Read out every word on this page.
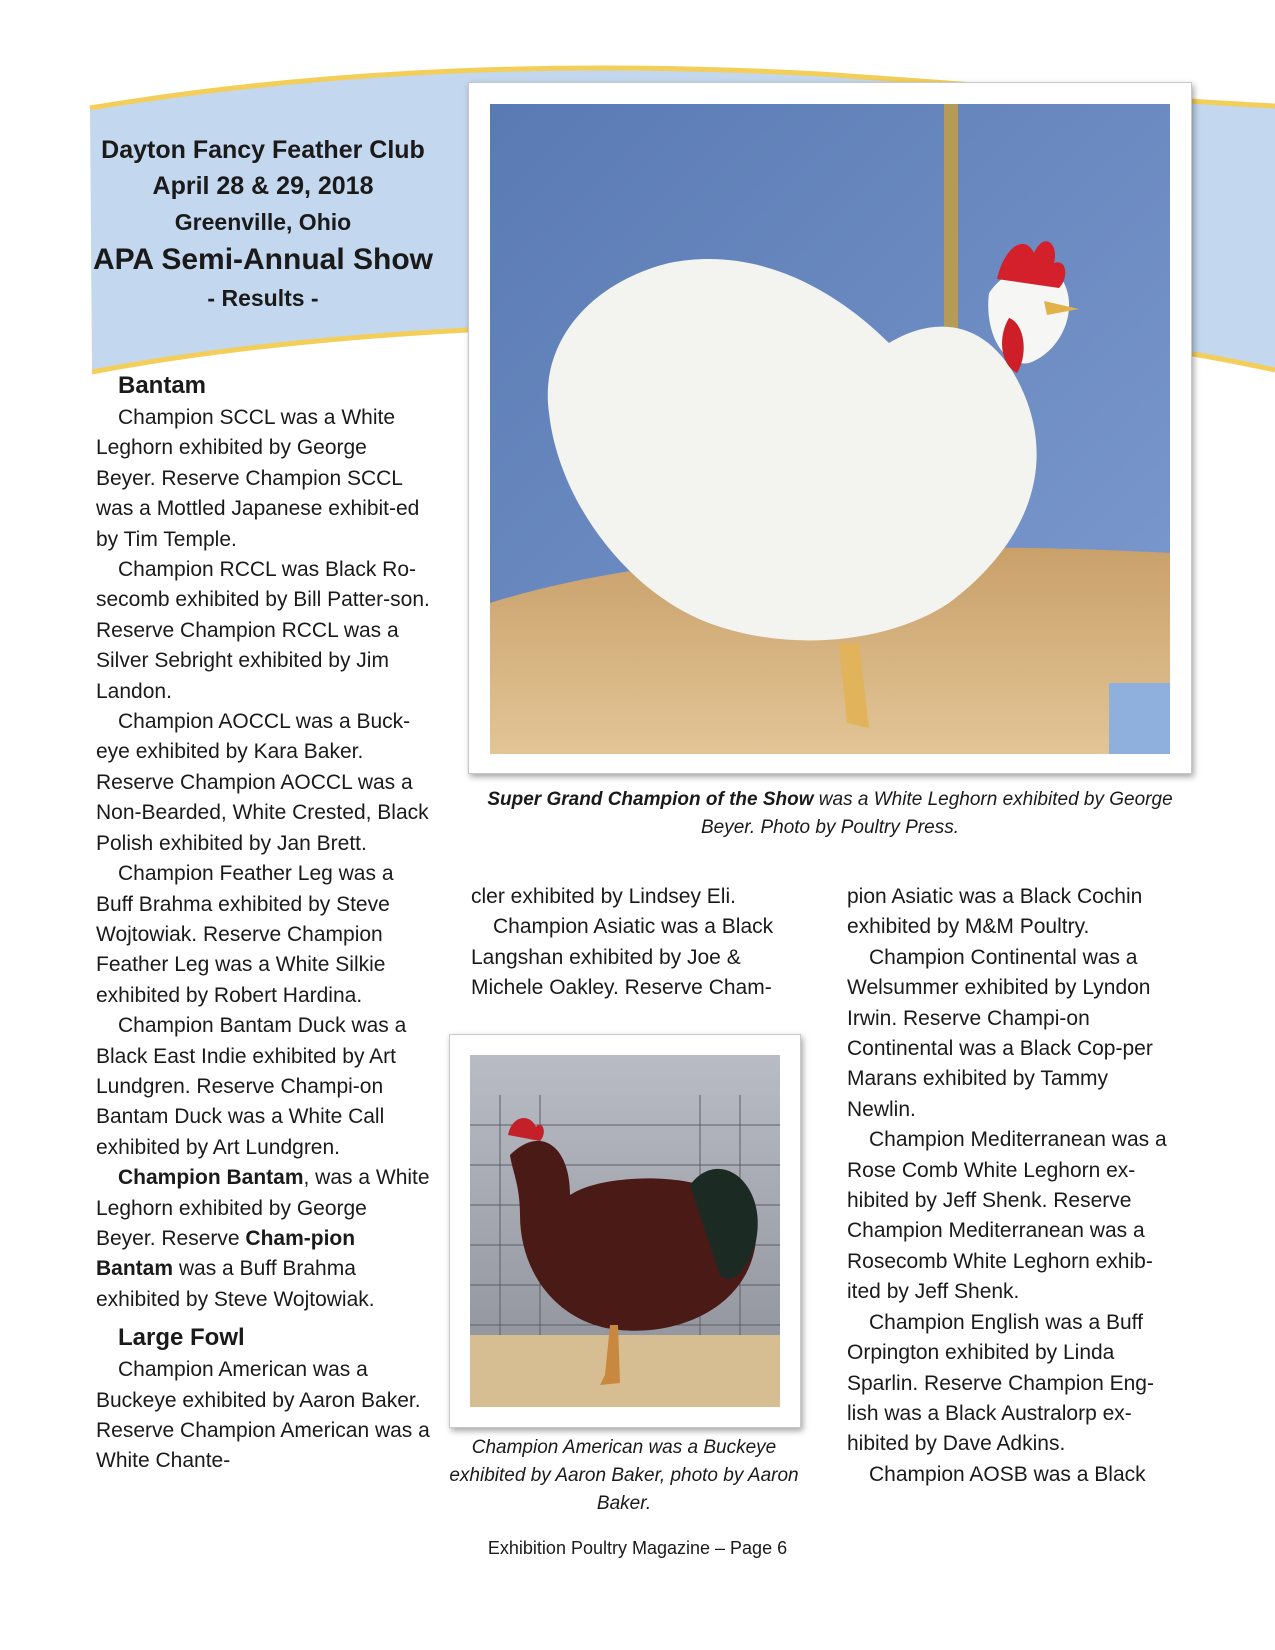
Dayton Fancy Feather Club
April 28 & 29, 2018
Greenville, Ohio
APA Semi-Annual Show
- Results -
Bantam

Champion SCCL was a White Leghorn exhibited by George Beyer. Reserve Champion SCCL was a Mottled Japanese exhibit-ed by Tim Temple.

Champion RCCL was Black Ro-secomb exhibited by Bill Patter-son. Reserve Champion RCCL was a Silver Sebright exhibited by Jim Landon.

Champion AOCCL was a Buck-eye exhibited by Kara Baker. Reserve Champion AOCCL was a Non-Bearded, White Crested, Black Polish exhibited by Jan Brett.

Champion Feather Leg was a Buff Brahma exhibited by Steve Wojtowiak. Reserve Champion Feather Leg was a White Silkie exhibited by Robert Hardina.

Champion Bantam Duck was a Black East Indie exhibited by Art Lundgren. Reserve Champi-on Bantam Duck was a White Call exhibited by Art Lundgren.

Champion Bantam, was a White Leghorn exhibited by George Beyer. Reserve Cham-pion Bantam was a Buff Brahma exhibited by Steve Wojtowiak.

Large Fowl

Champion American was a Buckeye exhibited by Aaron Baker. Reserve Champion American was a White Chante-

Super Grand Champion of the Show was a White Leghorn exhibited by George Beyer. Photo by Poultry Press.

cler exhibited by Lindsey Eli.

Champion Asiatic was a Black Langshan exhibited by Joe & Michele Oakley. Reserve Cham-

Champion American was a Buckeye exhibited by Aaron Baker, photo by Aaron Baker.

pion Asiatic was a Black Cochin exhibited by M&M Poultry.

Champion Continental was a Welsummer exhibited by Lyndon Irwin. Reserve Champi-on Continental was a Black Cop-per Marans exhibited by Tammy Newlin.

Champion Mediterranean was a Rose Comb White Leghorn ex-hibited by Jeff Shenk. Reserve Champion Mediterranean was a Rosecomb White Leghorn exhib-ited by Jeff Shenk.

Champion English was a Buff Orpington exhibited by Linda Sparlin. Reserve Champion Eng-lish was a Black Australorp ex-hibited by Dave Adkins.

Champion AOSB was a Black

Exhibition Poultry Magazine – Page 6
